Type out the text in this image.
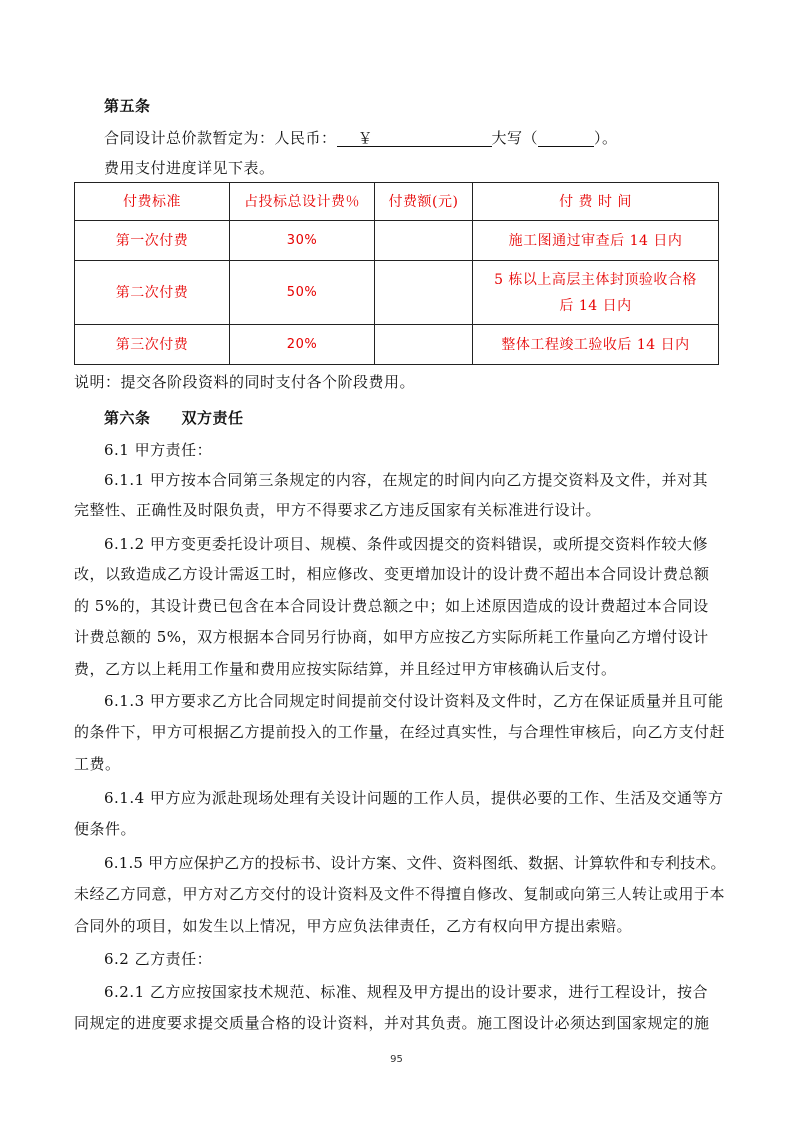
第五条
合同设计总价款暂定为：人民币： ￥	大写（	）。
费用支付进度详见下表。
付费标准	占投标总设计费％	付费额(元)	付 费 时 间
第一次付费	30%		施工图通过审查后 14 日内

第二次付费	50%		5 栋以上高层主体封顶验收合格
后 14 日内

第三次付费	20%		整体工程竣工验收后 14 日内
说明：提交各阶段资料的同时支付各个阶段费用。
第六条　　双方责任
6.1 甲方责任：
6.1.1 甲方按本合同第三条规定的内容，在规定的时间内向乙方提交资料及文件，并对其
完整性、正确性及时限负责，甲方不得要求乙方违反国家有关标准进行设计。
6.1.2 甲方变更委托设计项目、规模、条件或因提交的资料错误，或所提交资料作较大修
改，以致造成乙方设计需返工时，相应修改、变更增加设计的设计费不超出本合同设计费总额
的 5%的，其设计费已包含在本合同设计费总额之中；如上述原因造成的设计费超过本合同设
计费总额的 5%，双方根据本合同另行协商，如甲方应按乙方实际所耗工作量向乙方增付设计
费，乙方以上耗用工作量和费用应按实际结算，并且经过甲方审核确认后支付。
6.1.3 甲方要求乙方比合同规定时间提前交付设计资料及文件时，乙方在保证质量并且可能
的条件下，甲方可根据乙方提前投入的工作量，在经过真实性，与合理性审核后，向乙方支付赶
工费。
6.1.4 甲方应为派赴现场处理有关设计问题的工作人员，提供必要的工作、生活及交通等方
便条件。
6.1.5 甲方应保护乙方的投标书、设计方案、文件、资料图纸、数据、计算软件和专利技术。
未经乙方同意，甲方对乙方交付的设计资料及文件不得擅自修改、复制或向第三人转让或用于本
合同外的项目，如发生以上情况，甲方应负法律责任，乙方有权向甲方提出索赔。
6.2 乙方责任：
6.2.1 乙方应按国家技术规范、标准、规程及甲方提出的设计要求，进行工程设计，按合
同规定的进度要求提交质量合格的设计资料，并对其负责。施工图设计必须达到国家规定的施
95
